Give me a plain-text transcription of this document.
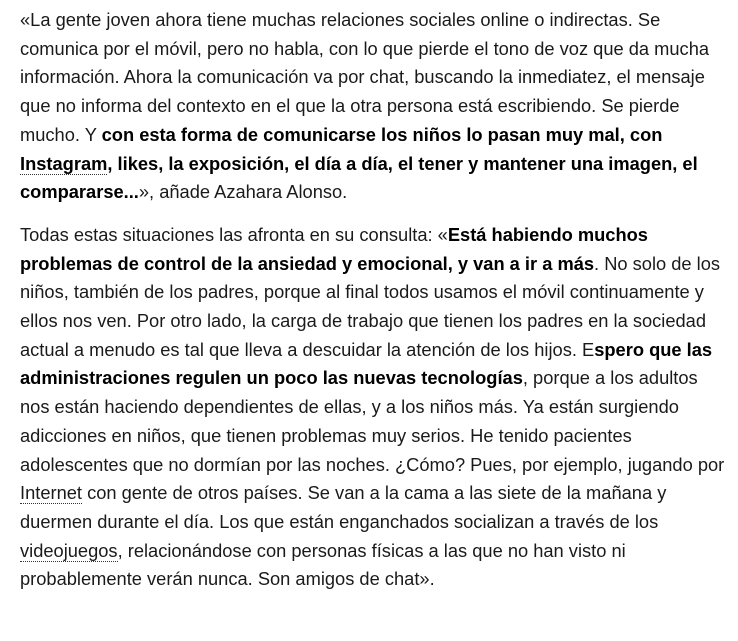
«La gente joven ahora tiene muchas relaciones sociales online o indirectas. Se comunica por el móvil, pero no habla, con lo que pierde el tono de voz que da mucha información. Ahora la comunicación va por chat, buscando la inmediatez, el mensaje que no informa del contexto en el que la otra persona está escribiendo. Se pierde mucho. Y con esta forma de comunicarse los niños lo pasan muy mal, con Instagram, likes, la exposición, el día a día, el tener y mantener una imagen, el compararse...», añade Azahara Alonso.

Todas estas situaciones las afronta en su consulta: «Está habiendo muchos problemas de control de la ansiedad y emocional, y van a ir a más. No solo de los niños, también de los padres, porque al final todos usamos el móvil continuamente y ellos nos ven. Por otro lado, la carga de trabajo que tienen los padres en la sociedad actual a menudo es tal que lleva a descuidar la atención de los hijos. Espero que las administraciones regulen un poco las nuevas tecnologías, porque a los adultos nos están haciendo dependientes de ellas, y a los niños más. Ya están surgiendo adicciones en niños, que tienen problemas muy serios. He tenido pacientes adolescentes que no dormían por las noches. ¿Cómo? Pues, por ejemplo, jugando por Internet con gente de otros países. Se van a la cama a las siete de la mañana y duermen durante el día. Los que están enganchados socializan a través de los videojuegos, relacionándose con personas físicas a las que no han visto ni probablemente verán nunca. Son amigos de chat».
